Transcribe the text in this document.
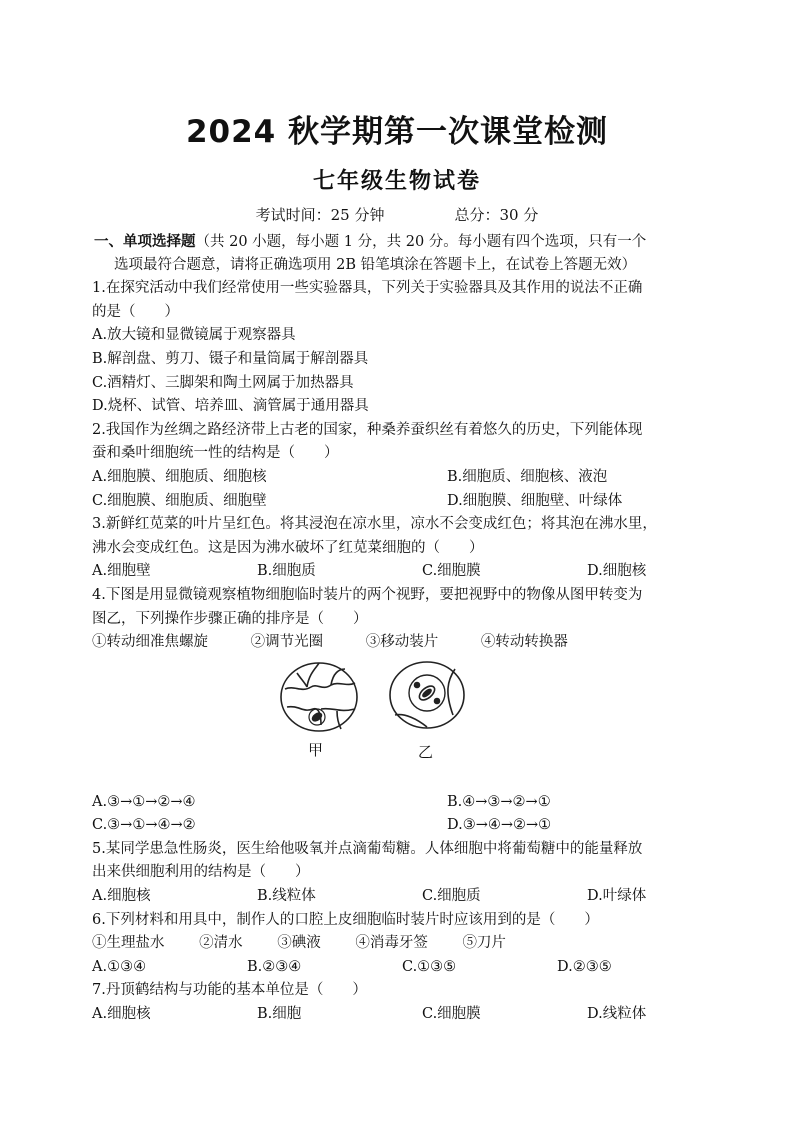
2024 秋学期第一次课堂检测
七年级生物试卷
考试时间：25 分钟	总分：30 分
一、单项选择题（共 20 小题，每小题 1 分，共 20 分。每小题有四个选项，只有一个
选项最符合题意，请将正确选项用 2B 铅笔填涂在答题卡上，在试卷上答题无效）
1.在探究活动中我们经常使用一些实验器具，下列关于实验器具及其作用的说法不正确
的是（　　）
A.放大镜和显微镜属于观察器具
B.解剖盘、剪刀、镊子和量筒属于解剖器具
C.酒精灯、三脚架和陶土网属于加热器具
D.烧杯、试管、培养皿、滴管属于通用器具
2.我国作为丝绸之路经济带上古老的国家，种桑养蚕织丝有着悠久的历史，下列能体现
蚕和桑叶细胞统一性的结构是（　　）
A.细胞膜、细胞质、细胞核	B.细胞质、细胞核、液泡
C.细胞膜、细胞质、细胞壁	D.细胞膜、细胞壁、叶绿体
3.新鲜红苋菜的叶片呈红色。将其浸泡在凉水里，凉水不会变成红色；将其泡在沸水里，
沸水会变成红色。这是因为沸水破坏了红苋菜细胞的（　　）
A.细胞壁	B.细胞质	C.细胞膜	D.细胞核
4.下图是用显微镜观察植物细胞临时装片的两个视野，要把视野中的物像从图甲转变为
图乙，下列操作步骤正确的排序是（　　）
①转动细准焦螺旋	②调节光圈	③移动装片	④转动转换器
甲	乙
A.③→①→②→④	B.④→③→②→①
C.③→①→④→②	D.③→④→②→①
5.某同学患急性肠炎，医生给他吸氧并点滴葡萄糖。人体细胞中将葡萄糖中的能量释放
出来供细胞利用的结构是（　　）
A.细胞核	B.线粒体	C.细胞质	D.叶绿体
6.下列材料和用具中，制作人的口腔上皮细胞临时装片时应该用到的是（　　）
①生理盐水 ②清水 ③碘液 ④消毒牙签 ⑤刀片
A.①③④	B.②③④	C.①③⑤	D.②③⑤
7.丹顶鹤结构与功能的基本单位是（　　）
A.细胞核	B.细胞	C.细胞膜	D.线粒体
